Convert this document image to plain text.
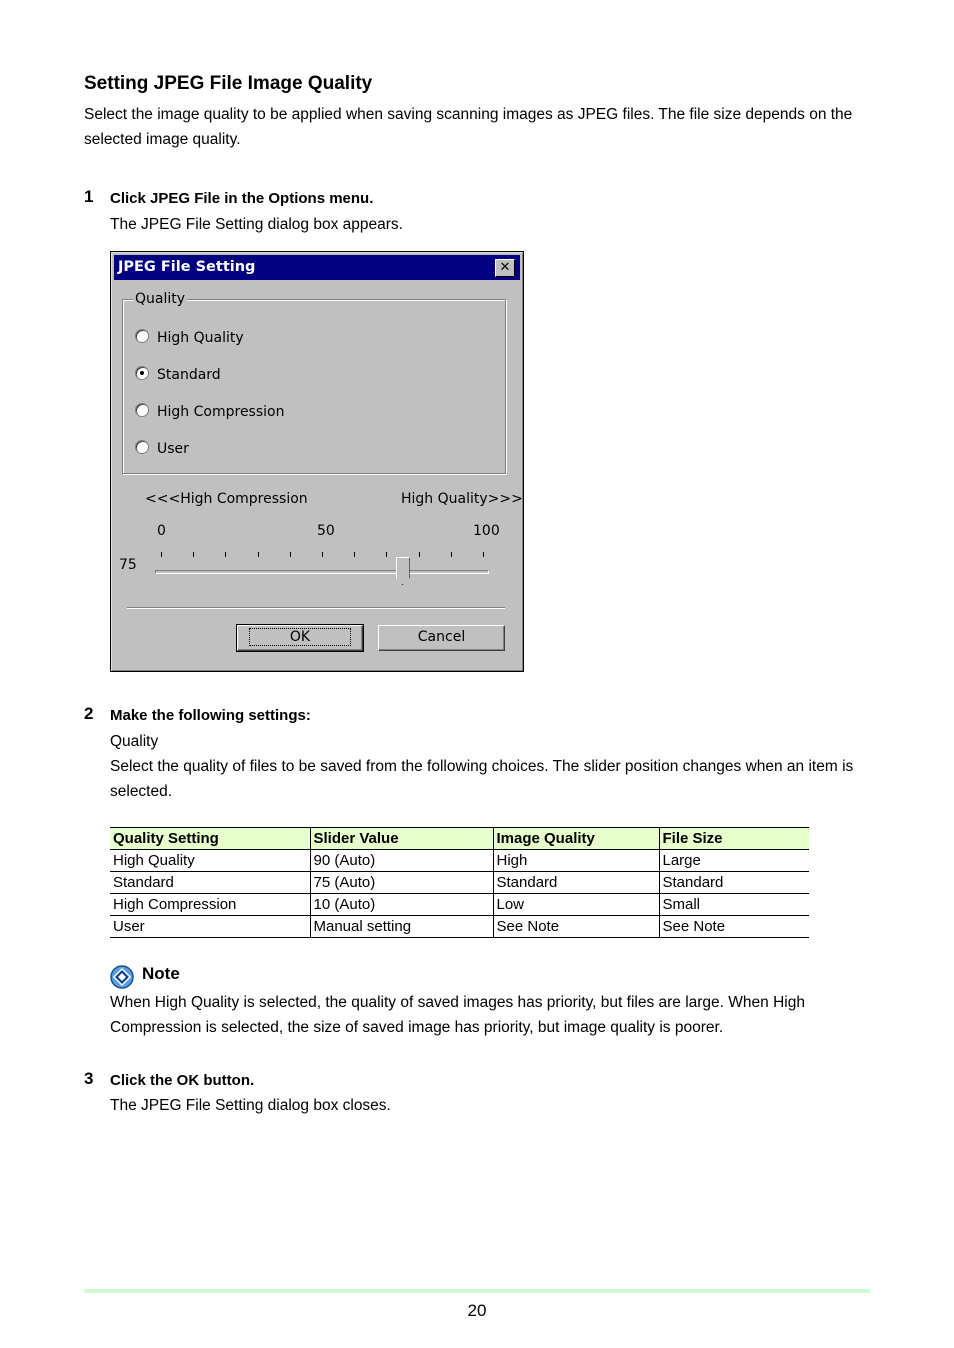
Setting JPEG File Image Quality
Select the image quality to be applied when saving scanning images as JPEG files. The file size depends on the selected image quality.
1 Click JPEG File in the Options menu.
The JPEG File Setting dialog box appears.
JPEG File Setting	✕
Quality
High Quality
Standard
High Compression
User
<<<High Compression	High Quality>>>
0	50	100
75
OK	Cancel
2 Make the following settings:
Quality
Select the quality of files to be saved from the following choices. The slider position changes when an item is selected.
Quality Setting	Slider Value	Image Quality	File Size
High Quality	90 (Auto)	High	Large
Standard	75 (Auto)	Standard	Standard
High Compression	10 (Auto)	Low	Small
User	Manual setting	See Note	See Note
Note
When High Quality is selected, the quality of saved images has priority, but files are large. When High Compression is selected, the size of saved image has priority, but image quality is poorer.
3 Click the OK button.
The JPEG File Setting dialog box closes.
20
